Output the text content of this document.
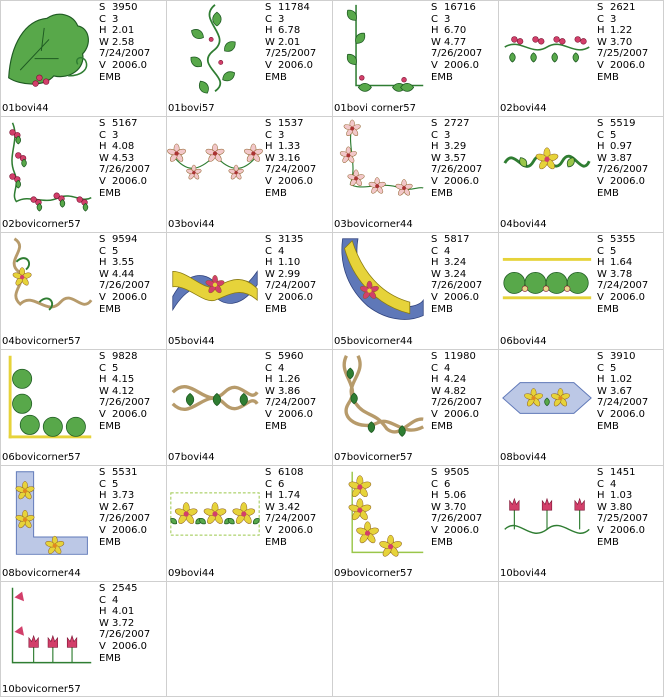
01bovi44
S 3950
C 3
H 2.01
W 2.58
7/24/2007
V 2006.0
EMB
01bovi57
S 11784
C 3
H 6.78
W 2.01
7/25/2007
V 2006.0
EMB
01bovi corner57
S 16716
C 3
H 6.70
W 4.77
7/26/2007
V 2006.0
EMB
02bovi44
S 2621
C 3
H 1.22
W 3.70
7/25/2007
V 2006.0
EMB
02bovicorner57
S 5167
C 3
H 4.08
W 4.53
7/26/2007
V 2006.0
EMB
03bovi44
S 1537
C 3
H 1.33
W 3.16
7/24/2007
V 2006.0
EMB
03bovicorner44
S 2727
C 3
H 3.29
W 3.57
7/26/2007
V 2006.0
EMB
04bovi44
S 5519
C 5
H 0.97
W 3.87
7/26/2007
V 2006.0
EMB
04bovicorner57
S 9594
C 5
H 3.55
W 4.44
7/26/2007
V 2006.0
EMB
05bovi44
S 3135
C 4
H 1.10
W 2.99
7/24/2007
V 2006.0
EMB
05bovicorner44
S 5817
C 4
H 3.24
W 3.24
7/26/2007
V 2006.0
EMB
06bovi44
S 5355
C 5
H 1.64
W 3.78
7/24/2007
V 2006.0
EMB
06bovicorner57
S 9828
C 5
H 4.15
W 4.12
7/26/2007
V 2006.0
EMB
07bovi44
S 5960
C 4
H 1.26
W 3.86
7/24/2007
V 2006.0
EMB
07bovicorner57
S 11980
C 4
H 4.24
W 4.82
7/26/2007
V 2006.0
EMB
08bovi44
S 3910
C 5
H 1.02
W 3.67
7/24/2007
V 2006.0
EMB
08bovicorner44
S 5531
C 5
H 3.73
W 2.67
7/26/2007
V 2006.0
EMB
09bovi44
S 6108
C 6
H 1.74
W 3.42
7/24/2007
V 2006.0
EMB
09bovicorner57
S 9505
C 6
H 5.06
W 3.70
7/26/2007
V 2006.0
EMB
10bovi44
S 1451
C 4
H 1.03
W 3.80
7/25/2007
V 2006.0
EMB
10bovicorner57
S 2545
C 4
H 4.01
W 3.72
7/26/2007
V 2006.0
EMB
